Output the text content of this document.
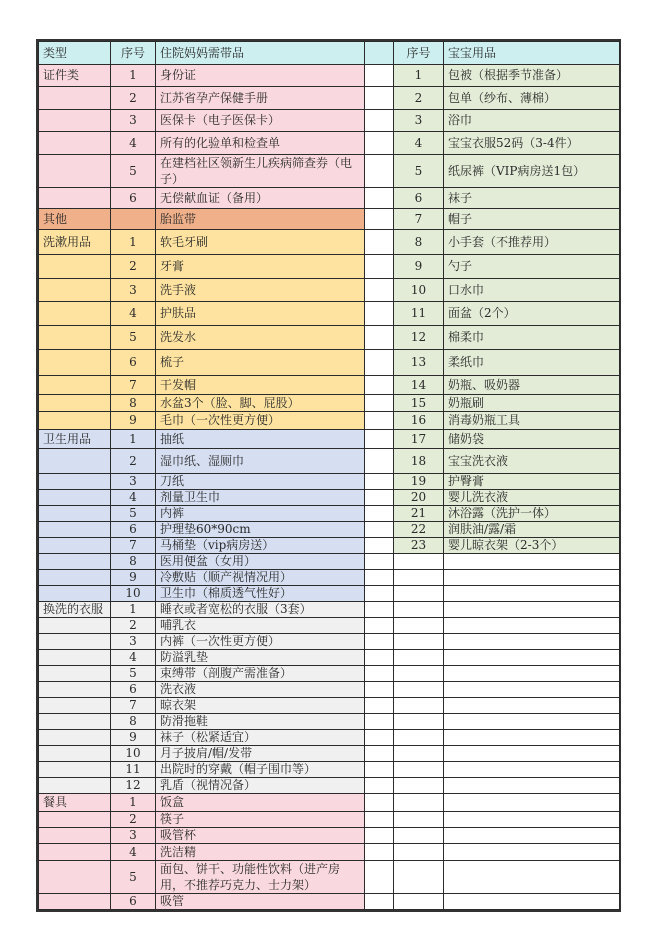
类型	序号	住院妈妈需带品		序号	宝宝用品
证件类	1	身份证		1	包被（根据季节准备）
	2	江苏省孕产保健手册		2	包单（纱布、薄棉）
	3	医保卡（电子医保卡）		3	浴巾
	4	所有的化验单和检查单		4	宝宝衣服52码（3-4件）
	5	在建档社区领新生儿疾病筛查券（电子）		5	纸尿裤（VIP病房送1包）
	6	无偿献血证（备用）		6	袜子
其他		胎监带		7	帽子
洗漱用品	1	软毛牙刷		8	小手套（不推荐用）
	2	牙膏		9	勺子
	3	洗手液		10	口水巾
	4	护肤品		11	面盆（2个）
	5	洗发水		12	棉柔巾
	6	梳子		13	柔纸巾
	7	干发帽		14	奶瓶、吸奶器
	8	水盆3个（脸、脚、屁股）		15	奶瓶刷
	9	毛巾（一次性更方便）		16	消毒奶瓶工具
卫生用品	1	抽纸		17	储奶袋
	2	湿巾纸、湿厕巾		18	宝宝洗衣液
	3	刀纸		19	护臀膏
	4	剂量卫生巾		20	婴儿洗衣液
	5	内裤		21	沐浴露（洗护一体）
	6	护理垫60*90cm		22	润肤油/露/霜
	7	马桶垫（vip病房送）		23	婴儿晾衣架（2-3个）
	8	医用便盆（女用）			
	9	冷敷贴（顺产视情况用）			
	10	卫生巾（棉质透气性好）			
换洗的衣服	1	睡衣或者宽松的衣服（3套）			
	2	哺乳衣			
	3	内裤（一次性更方便）			
	4	防溢乳垫			
	5	束缚带（剖腹产需准备）			
	6	洗衣液			
	7	晾衣架			
	8	防滑拖鞋			
	9	袜子（松紧适宜）			
	10	月子披肩/帽/发带			
	11	出院时的穿戴（帽子围巾等）			
	12	乳盾（视情况备）			
餐具	1	饭盒			
	2	筷子			
	3	吸管杯			
	4	洗洁精			
	5	面包、饼干、功能性饮料（进产房用，不推荐巧克力、士力架）			
	6	吸管			
